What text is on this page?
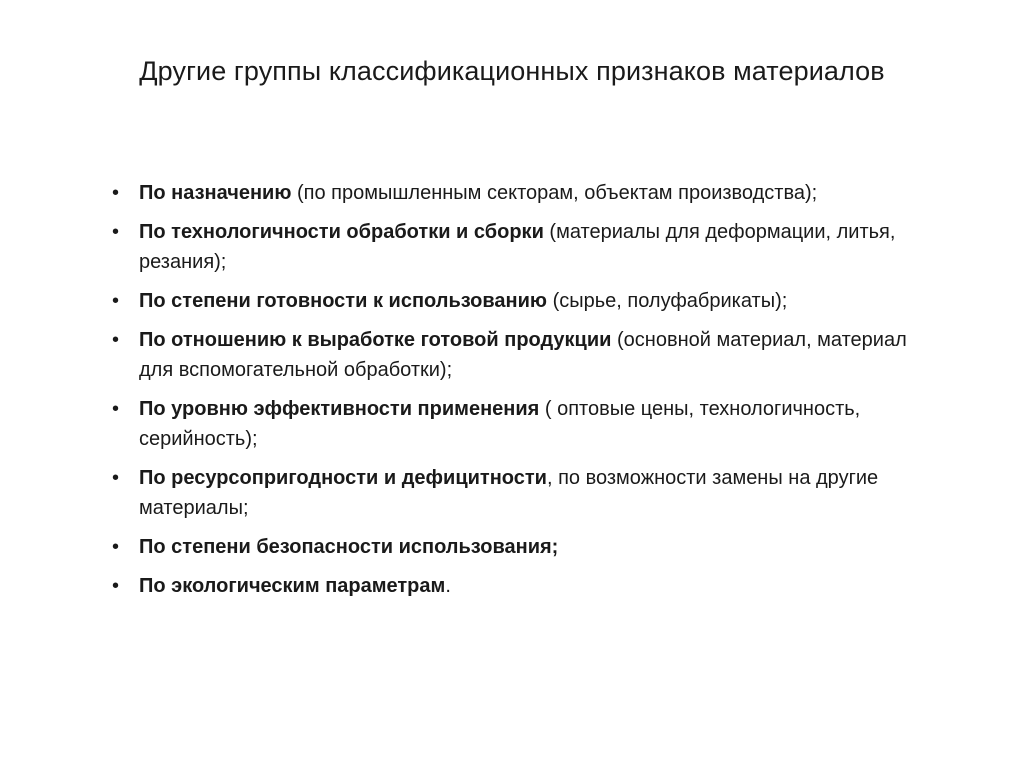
Другие группы классификационных признаков материалов
• По назначению (по промышленным секторам, объектам производства);
• По технологичности обработки и сборки (материалы для деформации, литья, резания);
• По степени готовности к использованию (сырье, полуфабрикаты);
• По отношению к выработке готовой продукции (основной материал, материал для вспомогательной обработки);
• По уровню эффективности применения ( оптовые цены, технологичность, серийность);
• По ресурсопригодности и дефицитности, по возможности замены на другие материалы;
• По степени безопасности использования;
• По экологическим параметрам.
